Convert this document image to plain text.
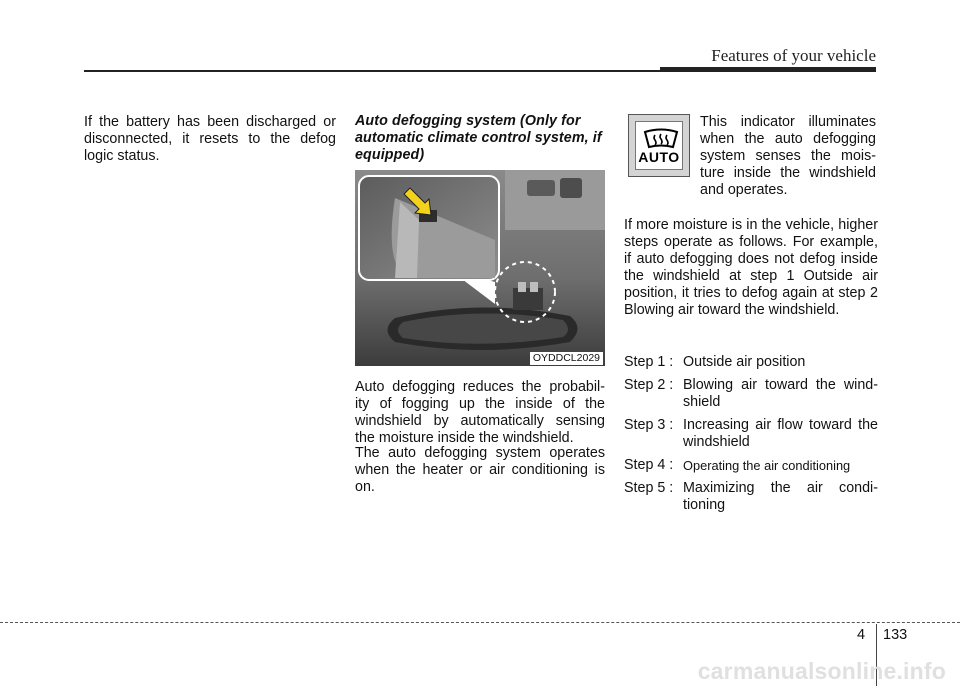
Features of your vehicle
If the battery has been discharged or disconnected, it resets to the defog logic status.
Auto defogging system (Only for automatic climate control system, if equipped)
OYDDCL2029
Auto defogging reduces the probabil- ity of fogging up the inside of the windshield by automatically sensing the moisture inside the windshield.
The auto defogging system operates when the heater or air conditioning is on.
AUTO
This indicator illuminates when the auto defogging system senses the mois- ture inside the windshield and operates.
If more moisture is in the vehicle, higher steps operate as follows. For example, if auto defogging does not defog inside the windshield at step 1 Outside air position, it tries to defog again at step 2 Blowing air toward the windshield.
Step 1 : Outside air position
Step 2 : Blowing air toward the wind- shield
Step 3 : Increasing air flow toward the windshield
Step 4 : Operating the air conditioning
Step 5 : Maximizing the air condi- tioning
4 133
carmanualsonline.info
